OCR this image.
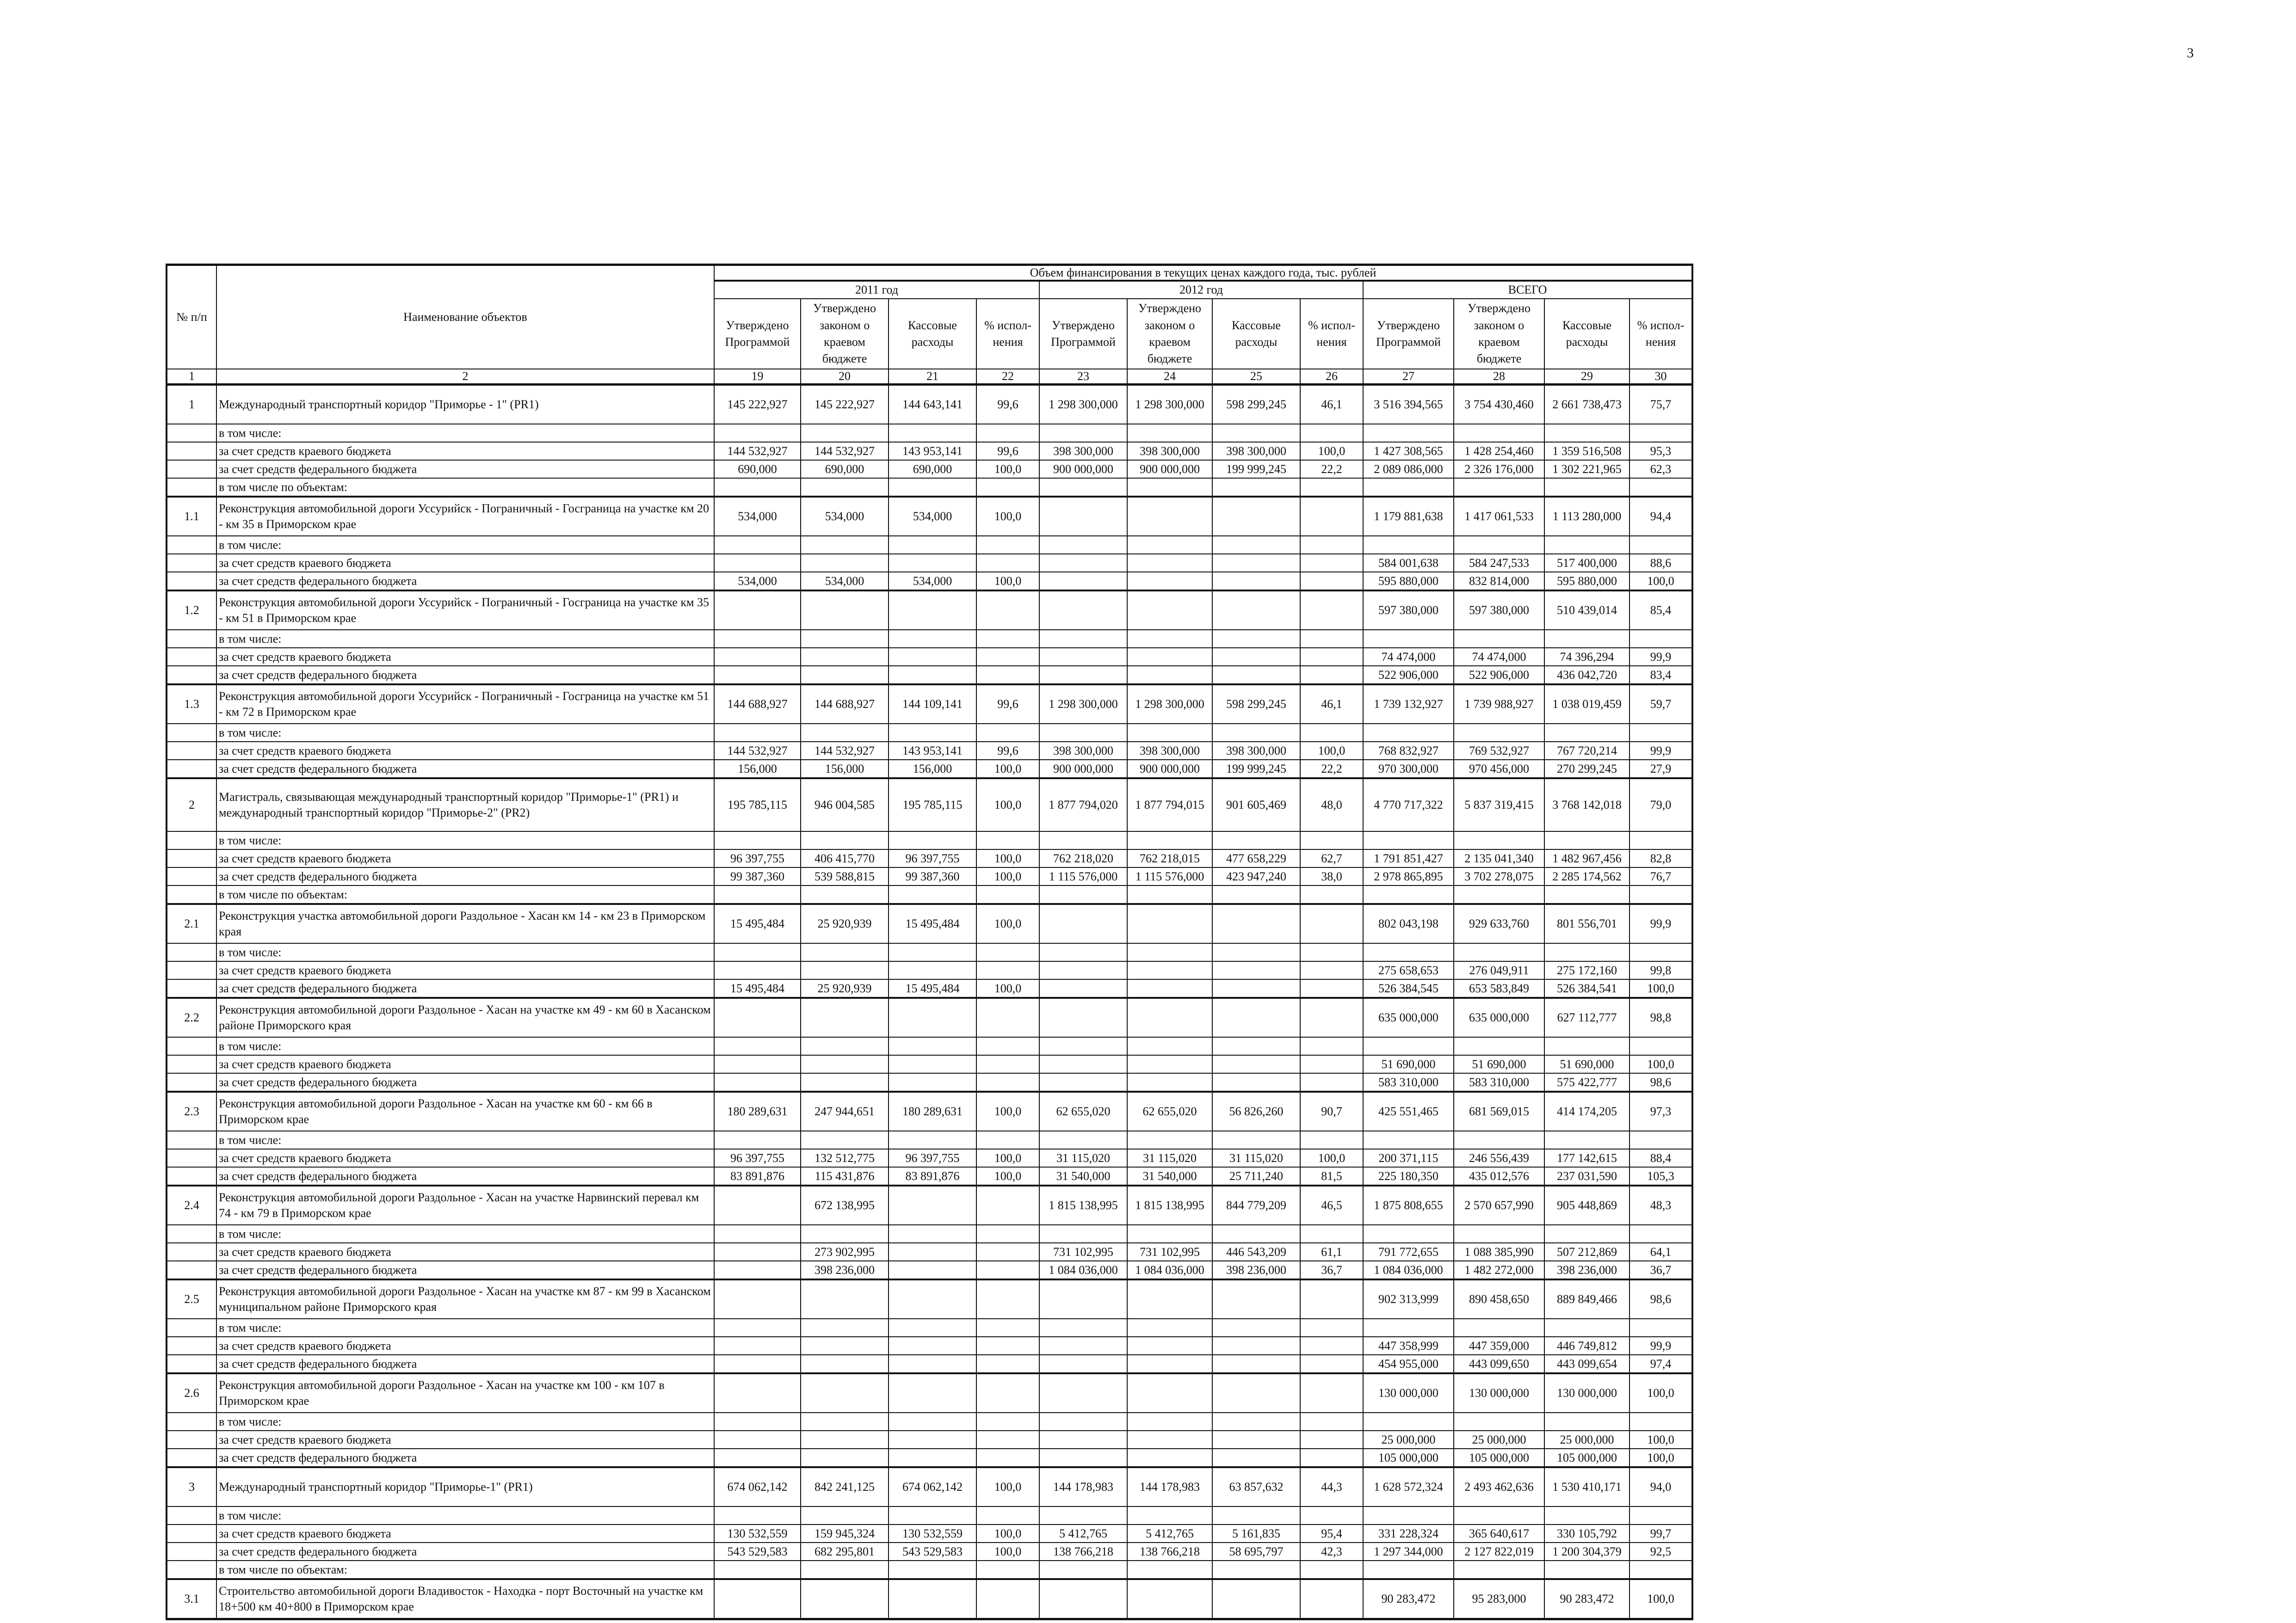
3
№ п/п	Наименование объектов	Объем финансирования в текущих ценах каждого года, тыс. рублей											
		2011 год				2012 год				ВСЕГО			
		Утверждено Программой	Утверждено законом о краевом бюджете	Кассовые расходы	% испол-нения	Утверждено Программой	Утверждено законом о краевом бюджете	Кассовые расходы	% испол-нения	Утверждено Программой	Утверждено законом о краевом бюджете	Кассовые расходы	% испол-нения
1	2	19	20	21	22	23	24	25	26	27	28	29	30
1	Международный транспортный коридор "Приморье - 1" (PR1)	145 222,927	145 222,927	144 643,141	99,6	1 298 300,000	1 298 300,000	598 299,245	46,1	3 516 394,565	3 754 430,460	2 661 738,473	75,7
	в том числе:												
	за счет средств краевого бюджета	144 532,927	144 532,927	143 953,141	99,6	398 300,000	398 300,000	398 300,000	100,0	1 427 308,565	1 428 254,460	1 359 516,508	95,3
	за счет средств федерального бюджета	690,000	690,000	690,000	100,0	900 000,000	900 000,000	199 999,245	22,2	2 089 086,000	2 326 176,000	1 302 221,965	62,3
	в том числе по объектам:												
1.1	Реконструкция автомобильной дороги Уссурийск - Пограничный - Госграница на участке км 20 - км 35 в Приморском крае	534,000	534,000	534,000	100,0					1 179 881,638	1 417 061,533	1 113 280,000	94,4
	в том числе:												
	за счет средств краевого бюджета									584 001,638	584 247,533	517 400,000	88,6
	за счет средств федерального бюджета	534,000	534,000	534,000	100,0					595 880,000	832 814,000	595 880,000	100,0
1.2	Реконструкция автомобильной дороги Уссурийск - Пограничный - Госграница на участке км 35 - км 51 в Приморском крае									597 380,000	597 380,000	510 439,014	85,4
	в том числе:												
	за счет средств краевого бюджета									74 474,000	74 474,000	74 396,294	99,9
	за счет средств федерального бюджета									522 906,000	522 906,000	436 042,720	83,4
1.3	Реконструкция автомобильной дороги Уссурийск - Пограничный - Госграница на участке км 51 - км 72 в Приморском крае	144 688,927	144 688,927	144 109,141	99,6	1 298 300,000	1 298 300,000	598 299,245	46,1	1 739 132,927	1 739 988,927	1 038 019,459	59,7
	в том числе:												
	за счет средств краевого бюджета	144 532,927	144 532,927	143 953,141	99,6	398 300,000	398 300,000	398 300,000	100,0	768 832,927	769 532,927	767 720,214	99,9
	за счет средств федерального бюджета	156,000	156,000	156,000	100,0	900 000,000	900 000,000	199 999,245	22,2	970 300,000	970 456,000	270 299,245	27,9
2	Магистраль, связывающая международный транспортный коридор "Приморье-1" (PR1) и международный транспортный коридор "Приморье-2" (PR2)	195 785,115	946 004,585	195 785,115	100,0	1 877 794,020	1 877 794,015	901 605,469	48,0	4 770 717,322	5 837 319,415	3 768 142,018	79,0
	в том числе:												
	за счет средств краевого бюджета	96 397,755	406 415,770	96 397,755	100,0	762 218,020	762 218,015	477 658,229	62,7	1 791 851,427	2 135 041,340	1 482 967,456	82,8
	за счет средств федерального бюджета	99 387,360	539 588,815	99 387,360	100,0	1 115 576,000	1 115 576,000	423 947,240	38,0	2 978 865,895	3 702 278,075	2 285 174,562	76,7
	в том числе по объектам:												
2.1	Реконструкция участка автомобильной дороги Раздольное - Хасан км 14 - км 23 в Приморском края	15 495,484	25 920,939	15 495,484	100,0					802 043,198	929 633,760	801 556,701	99,9
	в том числе:												
	за счет средств краевого бюджета									275 658,653	276 049,911	275 172,160	99,8
	за счет средств федерального бюджета	15 495,484	25 920,939	15 495,484	100,0					526 384,545	653 583,849	526 384,541	100,0
2.2	Реконструкция автомобильной дороги Раздольное - Хасан на участке км 49 - км 60 в Хасанском районе Приморского края									635 000,000	635 000,000	627 112,777	98,8
	в том числе:												
	за счет средств краевого бюджета									51 690,000	51 690,000	51 690,000	100,0
	за счет средств федерального бюджета									583 310,000	583 310,000	575 422,777	98,6
2.3	Реконструкция автомобильной дороги Раздольное - Хасан на участке км 60 - км 66 в Приморском крае	180 289,631	247 944,651	180 289,631	100,0	62 655,020	62 655,020	56 826,260	90,7	425 551,465	681 569,015	414 174,205	97,3
	в том числе:												
	за счет средств краевого бюджета	96 397,755	132 512,775	96 397,755	100,0	31 115,020	31 115,020	31 115,020	100,0	200 371,115	246 556,439	177 142,615	88,4
	за счет средств федерального бюджета	83 891,876	115 431,876	83 891,876	100,0	31 540,000	31 540,000	25 711,240	81,5	225 180,350	435 012,576	237 031,590	105,3
2.4	Реконструкция автомобильной дороги Раздольное - Хасан на участке Нарвинский перевал км 74 - км 79 в Приморском крае		672 138,995			1 815 138,995	1 815 138,995	844 779,209	46,5	1 875 808,655	2 570 657,990	905 448,869	48,3
	в том числе:												
	за счет средств краевого бюджета		273 902,995			731 102,995	731 102,995	446 543,209	61,1	791 772,655	1 088 385,990	507 212,869	64,1
	за счет средств федерального бюджета		398 236,000			1 084 036,000	1 084 036,000	398 236,000	36,7	1 084 036,000	1 482 272,000	398 236,000	36,7
2.5	Реконструкция автомобильной дороги Раздольное - Хасан на участке км 87 - км 99 в Хасанском муниципальном районе Приморского края									902 313,999	890 458,650	889 849,466	98,6
	в том числе:												
	за счет средств краевого бюджета									447 358,999	447 359,000	446 749,812	99,9
	за счет средств федерального бюджета									454 955,000	443 099,650	443 099,654	97,4
2.6	Реконструкция автомобильной дороги Раздольное - Хасан на участке км 100 - км 107 в Приморском крае									130 000,000	130 000,000	130 000,000	100,0
	в том числе:												
	за счет средств краевого бюджета									25 000,000	25 000,000	25 000,000	100,0
	за счет средств федерального бюджета									105 000,000	105 000,000	105 000,000	100,0
3	Международный транспортный коридор "Приморье-1" (PR1)	674 062,142	842 241,125	674 062,142	100,0	144 178,983	144 178,983	63 857,632	44,3	1 628 572,324	2 493 462,636	1 530 410,171	94,0
	в том числе:												
	за счет средств краевого бюджета	130 532,559	159 945,324	130 532,559	100,0	5 412,765	5 412,765	5 161,835	95,4	331 228,324	365 640,617	330 105,792	99,7
	за счет средств федерального бюджета	543 529,583	682 295,801	543 529,583	100,0	138 766,218	138 766,218	58 695,797	42,3	1 297 344,000	2 127 822,019	1 200 304,379	92,5
	в том числе по объектам:												
3.1	Строительство автомобильной дороги Владивосток - Находка - порт Восточный на участке км 18+500 км 40+800 в Приморском крае									90 283,472	95 283,000	90 283,472	100,0
